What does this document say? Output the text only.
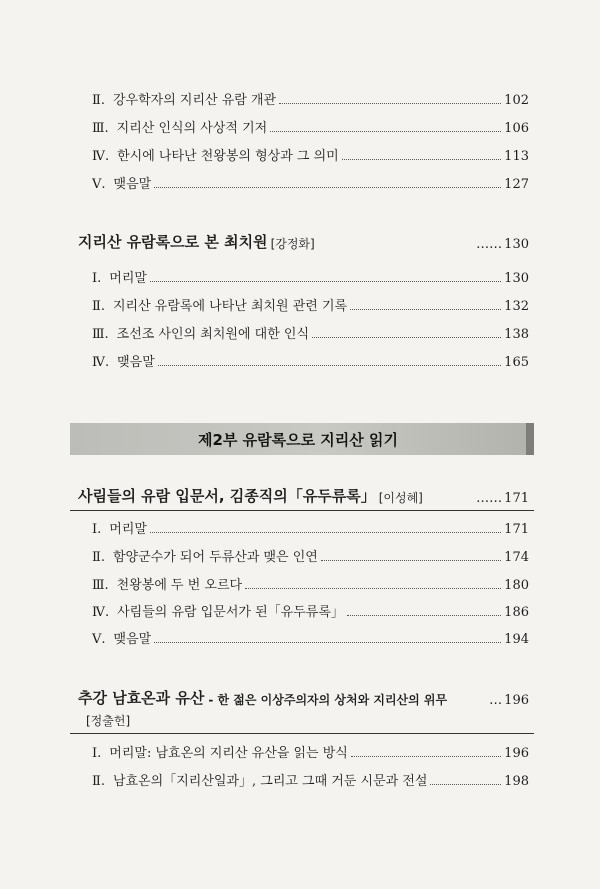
Ⅱ. 강우학자의 지리산 유람 개관	102
Ⅲ. 지리산 인식의 사상적 기저	106
Ⅳ. 한시에 나타난 천왕봉의 형상과 그 의미	113
Ⅴ. 맺음말	127
지리산 유람록으로 본 최치원 [강정화]	…… 130
Ⅰ. 머리말	130
Ⅱ. 지리산 유람록에 나타난 최치원 관련 기록	132
Ⅲ. 조선조 사인의 최치원에 대한 인식	138
Ⅳ. 맺음말	165
제2부 유람록으로 지리산 읽기
사림들의 유람 입문서, 김종직의「유두류록」 [이성혜]	…… 171
Ⅰ. 머리말	171
Ⅱ. 함양군수가 되어 두류산과 맺은 인연	174
Ⅲ. 천왕봉에 두 번 오르다	180
Ⅳ. 사림들의 유람 입문서가 된「유두류록」	186
Ⅴ. 맺음말	194
추강 남효온과 유산 - 한 젊은 이상주의자의 상처와 지리산의 위무	… 196
[정출헌]
Ⅰ. 머리말: 남효온의 지리산 유산을 읽는 방식	196
Ⅱ. 남효온의「지리산일과」, 그리고 그때 거둔 시문과 전설	198
